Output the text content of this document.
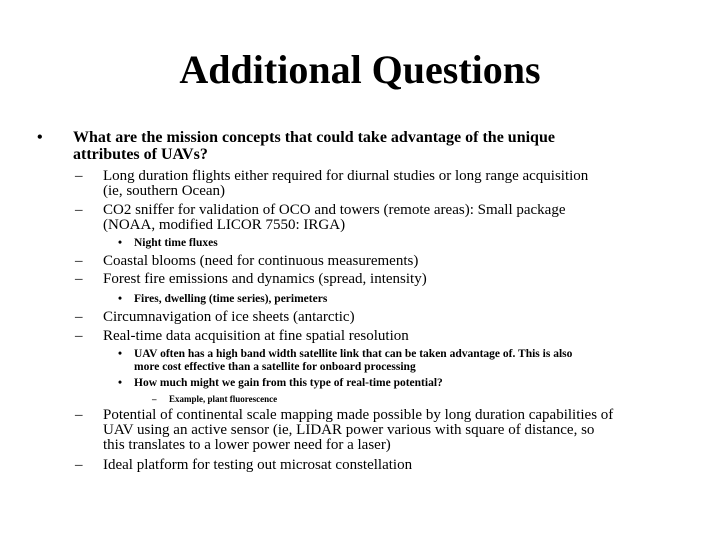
Additional Questions
• What are the mission concepts that could take advantage of the unique
attributes of UAVs?
– Long duration flights either required for diurnal studies or long range acquisition
(ie, southern Ocean)
– CO2 sniffer for validation of OCO and towers (remote areas): Small package
(NOAA, modified LICOR 7550: IRGA)
• Night time fluxes
– Coastal blooms (need for continuous measurements)
– Forest fire emissions and dynamics (spread, intensity)
• Fires, dwelling (time series), perimeters
– Circumnavigation of ice sheets (antarctic)
– Real-time data acquisition at fine spatial resolution
• UAV often has a high band width satellite link that can be taken advantage of. This is also
more cost effective than a satellite for onboard processing
• How much might we gain from this type of real-time potential?
– Example, plant fluorescence
– Potential of continental scale mapping made possible by long duration capabilities of
UAV using an active sensor (ie, LIDAR power various with square of distance, so
this translates to a lower power need for a laser)
– Ideal platform for testing out microsat constellation
